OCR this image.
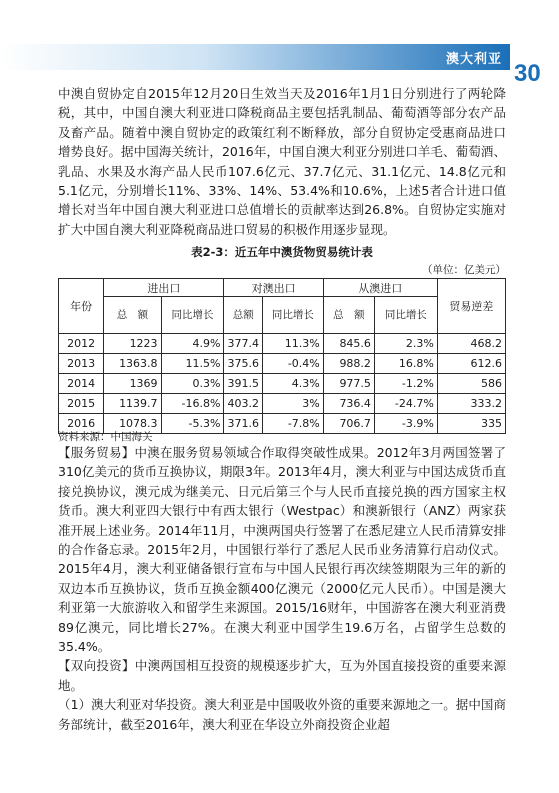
澳大利亚
30

中澳自贸协定自2015年12月20日生效当天及2016年1月1日分别进行了两轮降税，其中，中国自澳大利亚进口降税商品主要包括乳制品、葡萄酒等部分农产品及畜产品。随着中澳自贸协定的政策红利不断释放，部分自贸协定受惠商品进口增势良好。据中国海关统计，2016年，中国自澳大利亚分别进口羊毛、葡萄酒、乳品、水果及水海产品人民币107.6亿元、37.7亿元、31.1亿元、14.8亿元和5.1亿元，分别增长11%、33%、14%、53.4%和10.6%，上述5者合计进口值增长对当年中国自澳大利亚进口总值增长的贡献率达到26.8%。自贸协定实施对扩大中国自澳大利亚降税商品进口贸易的积极作用逐步显现。

表2-3：近五年中澳货物贸易统计表

（单位：亿美元）

年份	进出口		对澳出口		从澳进口		贸易逆差
	总　额	同比增长	总额	同比增长	总　额	同比增长	
2012	1223	4.9%	377.4	11.3%	845.6	2.3%	468.2
2013	1363.8	11.5%	375.6	-0.4%	988.2	16.8%	612.6
2014	1369	0.3%	391.5	4.3%	977.5	-1.2%	586
2015	1139.7	-16.8%	403.2	3%	736.4	-24.7%	333.2
2016	1078.3	-5.3%	371.6	-7.8%	706.7	-3.9%	335

资料来源：中国海关

【服务贸易】中澳在服务贸易领域合作取得突破性成果。2012年3月两国签署了310亿美元的货币互换协议，期限3年。2013年4月，澳大利亚与中国达成货币直接兑换协议，澳元成为继美元、日元后第三个与人民币直接兑换的西方国家主权货币。澳大利亚四大银行中有西太银行（Westpac）和澳新银行（ANZ）两家获准开展上述业务。2014年11月，中澳两国央行签署了在悉尼建立人民币清算安排的合作备忘录。2015年2月，中国银行举行了悉尼人民币业务清算行启动仪式。2015年4月，澳大利亚储备银行宣布与中国人民银行再次续签期限为三年的新的双边本币互换协议，货币互换金额400亿澳元（2000亿元人民币）。中国是澳大利亚第一大旅游收入和留学生来源国。2015/16财年，中国游客在澳大利亚消费89亿澳元，同比增长27%。在澳大利亚中国学生19.6万名，占留学生总数的35.4%。

【双向投资】中澳两国相互投资的规模逐步扩大，互为外国直接投资的重要来源地。

（1）澳大利亚对华投资。澳大利亚是中国吸收外资的重要来源地之一。据中国商务部统计，截至2016年，澳大利亚在华设立外商投资企业超
